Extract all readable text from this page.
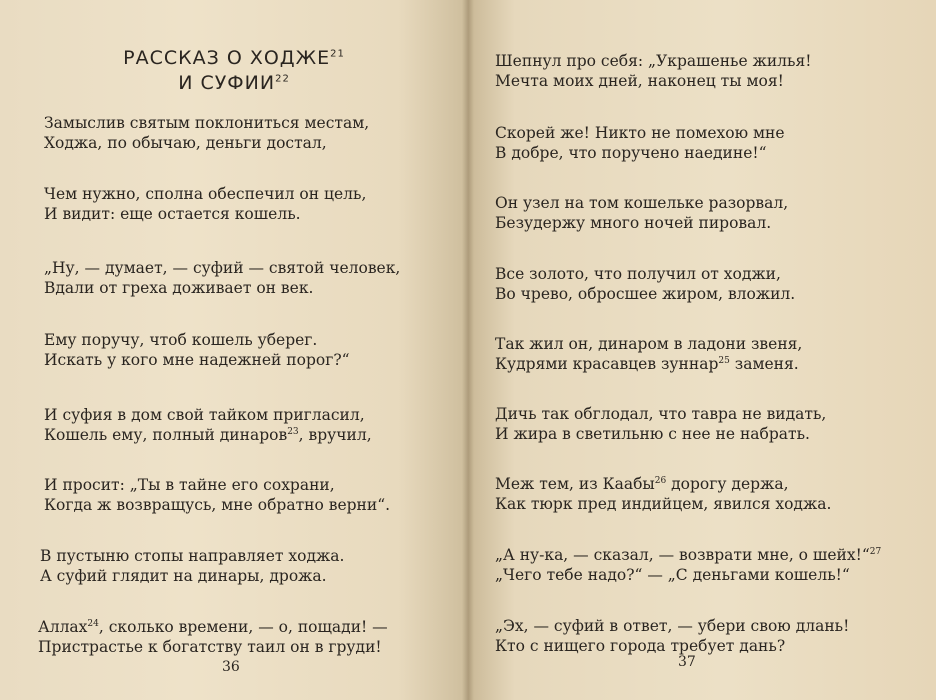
РАССКАЗ О ХОДЖЕ$^{21}$
И СУФИИ$^{22}$
Замыслив святым поклониться местам,
Ходжа, по обычаю, деньги достал,
Чем нужно, сполна обеспечил он цель,
И видит: еще остается кошель.
„Ну, — думает, — суфий — святой человек,
Вдали от греха доживает он век.
Ему поручу, чтоб кошель уберег.
Искать у кого мне надежней порог?“
И суфия в дом свой тайком пригласил,
Кошель ему, полный динаров$^{23}$, вручил,
И просит: „Ты в тайне его сохрани,
Когда ж возвращусь, мне обратно верни“.
В пустыню стопы направляет ходжа.
А суфий глядит на динары, дрожа.
Аллах$^{24}$, сколько времени, — о, пощади! —
Пристрастье к богатству таил он в груди!
36
Шепнул про себя: „Украшенье жилья!
Мечта моих дней, наконец ты моя!
Скорей же! Никто не помехою мне
В добре, что поручено наедине!“
Он узел на том кошельке разорвал,
Безудержу много ночей пировал.
Все золото, что получил от ходжи,
Во чрево, обросшее жиром, вложил.
Так жил он, динаром в ладони звеня,
Кудрями красавцев зуннар$^{25}$ заменя.
Дичь так обглодал, что тавра не видать,
И жира в светильню с нее не набрать.
Меж тем, из Каабы$^{26}$ дорогу держа,
Как тюрк пред индийцем, явился ходжа.
„А ну-ка, — сказал, — возврати мне, о шейх!“$^{27}$
„Чего тебе надо?“ — „С деньгами кошель!“
„Эх, — суфий в ответ, — убери свою длань!
Кто с нищего города требует дань?
37
